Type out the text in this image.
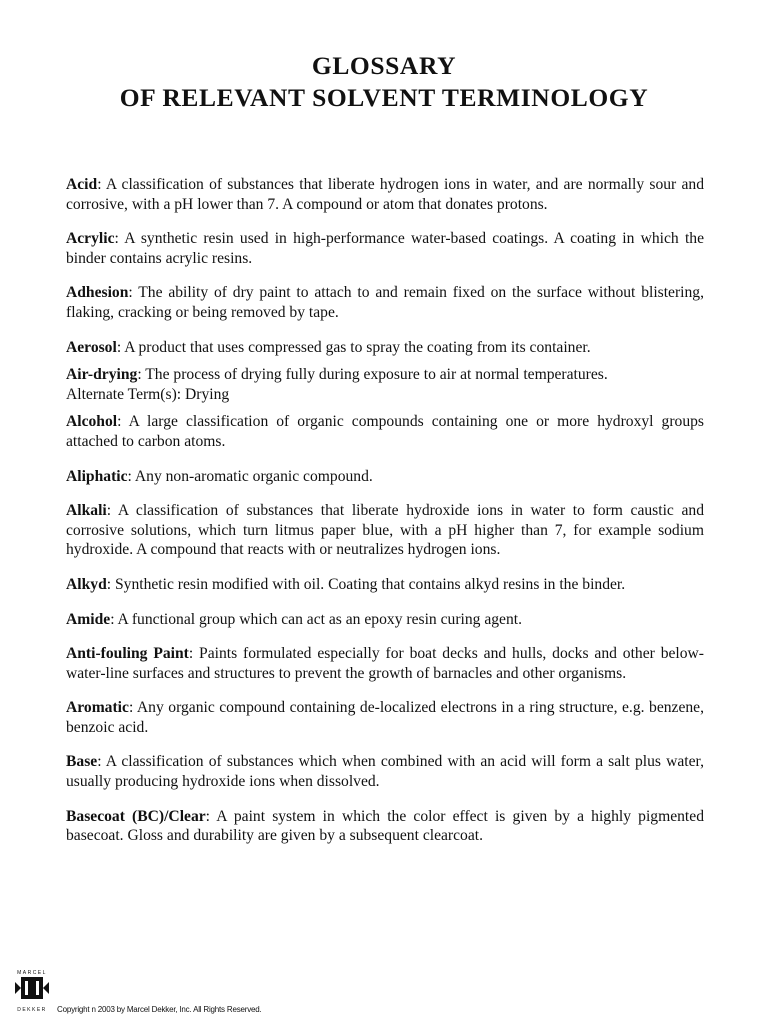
GLOSSARY
OF RELEVANT SOLVENT TERMINOLOGY

Acid: A classification of substances that liberate hydrogen ions in water, and are normally sour and corrosive, with a pH lower than 7. A compound or atom that donates protons.

Acrylic: A synthetic resin used in high-performance water-based coatings. A coating in which the binder contains acrylic resins.

Adhesion: The ability of dry paint to attach to and remain fixed on the surface without blistering, flaking, cracking or being removed by tape.

Aerosol: A product that uses compressed gas to spray the coating from its container.

Air-drying: The process of drying fully during exposure to air at normal temperatures.
Alternate Term(s): Drying

Alcohol: A large classification of organic compounds containing one or more hydroxyl groups attached to carbon atoms.

Aliphatic: Any non-aromatic organic compound.

Alkali: A classification of substances that liberate hydroxide ions in water to form caustic and corrosive solutions, which turn litmus paper blue, with a pH higher than 7, for example sodium hydroxide. A compound that reacts with or neutralizes hydrogen ions.

Alkyd: Synthetic resin modified with oil. Coating that contains alkyd resins in the binder.

Amide: A functional group which can act as an epoxy resin curing agent.

Anti-fouling Paint: Paints formulated especially for boat decks and hulls, docks and other below-water-line surfaces and structures to prevent the growth of barnacles and other organisms.

Aromatic: Any organic compound containing de-localized electrons in a ring structure, e.g. benzene, benzoic acid.

Base: A classification of substances which when combined with an acid will form a salt plus water, usually producing hydroxide ions when dissolved.

Basecoat (BC)/Clear: A paint system in which the color effect is given by a highly pigmented basecoat. Gloss and durability are given by a subsequent clearcoat.

MARCEL
DEKKER Copyright n 2003 by Marcel Dekker, Inc. All Rights Reserved.
